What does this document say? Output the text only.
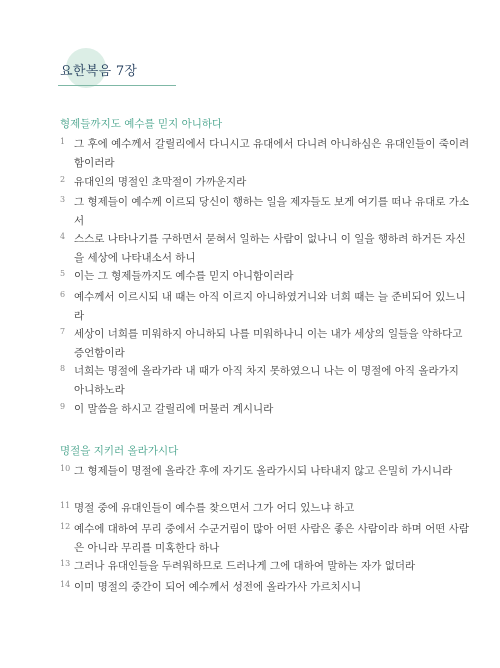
요한복음 7장
형제들까지도 예수를 믿지 아니하다
1 그 후에 예수께서 갈릴리에서 다니시고 유대에서 다니려 아니하심은 유대인들이 죽이려 함이러라
2 유대인의 명절인 초막절이 가까운지라
3 그 형제들이 예수께 이르되 당신이 행하는 일을 제자들도 보게 여기를 떠나 유대로 가소서
4 스스로 나타나기를 구하면서 묻혀서 일하는 사람이 없나니 이 일을 행하려 하거든 자신을 세상에 나타내소서 하니
5 이는 그 형제들까지도 예수를 믿지 아니함이러라
6 예수께서 이르시되 내 때는 아직 이르지 아니하였거니와 너희 때는 늘 준비되어 있느니라
7 세상이 너희를 미워하지 아니하되 나를 미워하나니 이는 내가 세상의 일들을 악하다고 증언함이라
8 너희는 명절에 올라가라 내 때가 아직 차지 못하였으니 나는 이 명절에 아직 올라가지 아니하노라
9 이 말씀을 하시고 갈릴리에 머물러 계시니라
명절을 지키러 올라가시다
10 그 형제들이 명절에 올라간 후에 자기도 올라가시되 나타내지 않고 은밀히 가시니라
11 명절 중에 유대인들이 예수를 찾으면서 그가 어디 있느냐 하고
12 예수에 대하여 무리 중에서 수군거림이 많아 어떤 사람은 좋은 사람이라 하며 어떤 사람은 아니라 무리를 미혹한다 하나
13 그러나 유대인들을 두려워하므로 드러나게 그에 대하여 말하는 자가 없더라
14 이미 명절의 중간이 되어 예수께서 성전에 올라가사 가르치시니
